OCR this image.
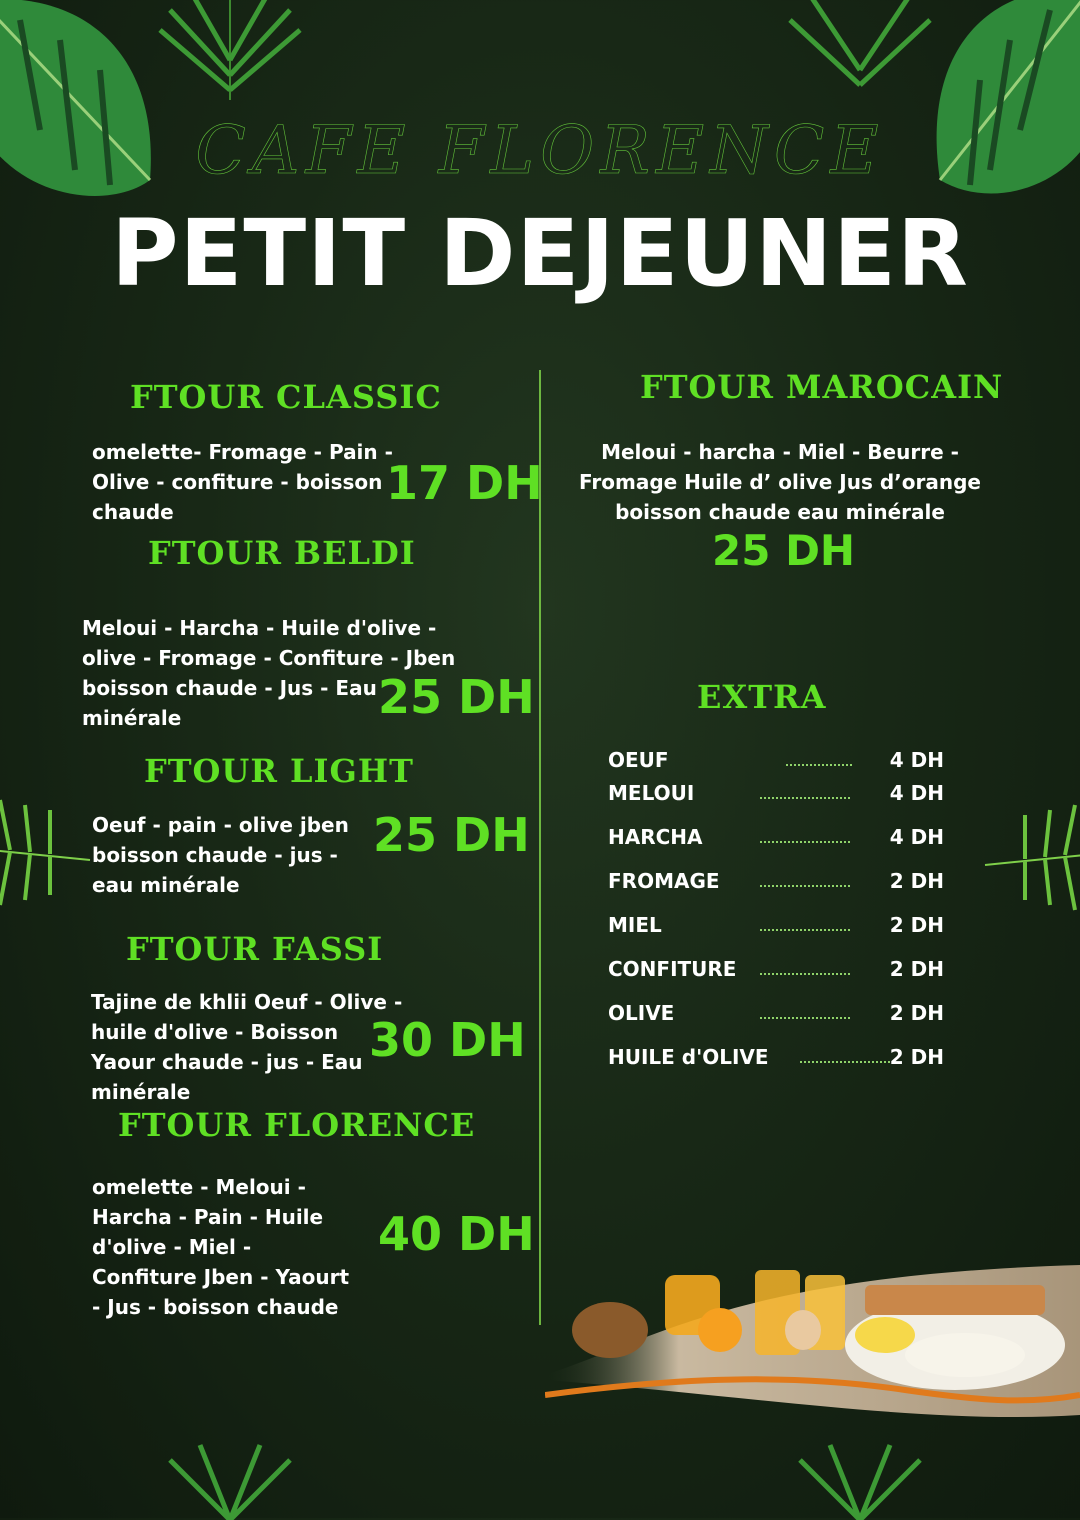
CAFE FLORENCE
PETIT DEJEUNER
FTOUR CLASSIC
omelette- Fromage - Pain -
Olive - confiture - boisson
chaude
17 DH
FTOUR BELDI
Meloui - Harcha - Huile d'olive -
olive - Fromage - Confiture - Jben
boisson chaude - Jus - Eau
minérale	25 DH
FTOUR LIGHT
Oeuf - pain - olive jben
boisson chaude - jus -
eau minérale
25 DH
FTOUR FASSI
Tajine de khlii Oeuf - Olive -
huile d'olive - Boisson
Yaour chaude - jus - Eau
minérale
30 DH
FTOUR FLORENCE
omelette - Meloui -
Harcha - Pain - Huile
d'olive - Miel -
Confiture Jben - Yaourt
- Jus - boisson chaude
40 DH
FTOUR MAROCAIN
Meloui - harcha - Miel - Beurre -
Fromage Huile d’ olive Jus d’orange
boisson chaude eau minérale
25 DH
EXTRA
OEUF	4 DH
MELOUI	4 DH
HARCHA	4 DH
FROMAGE	2 DH
MIEL	2 DH
CONFITURE	2 DH
OLIVE	2 DH
HUILE d'OLIVE	2 DH
